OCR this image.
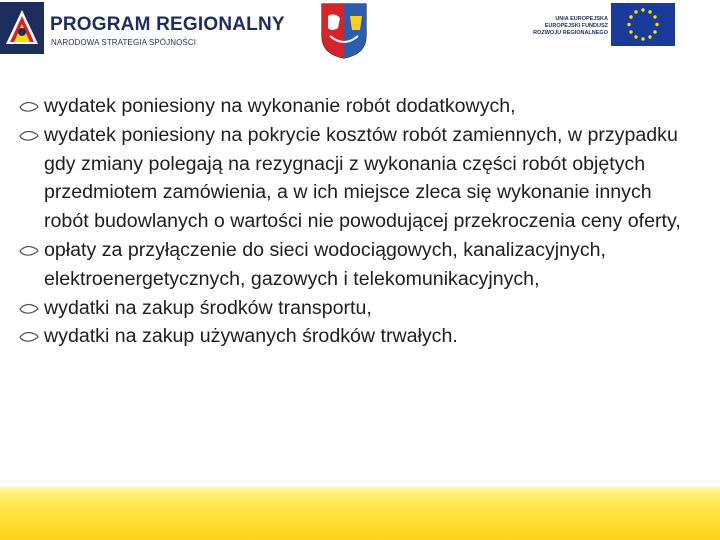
PROGRAM REGIONALNY
NARODOWA STRATEGIA SPÓJNOŚCI
UNIA EUROPEJSKA
EUROPEJSKI FUNDUSZ
ROZWOJU REGIONALNEGO
wydatek poniesiony na wykonanie robót dodatkowych,
wydatek poniesiony na pokrycie kosztów robót zamiennych, w przypadku gdy zmiany polegają na rezygnacji z wykonania części robót objętych przedmiotem zamówienia, a w ich miejsce zleca się wykonanie innych robót budowlanych o wartości nie powodującej przekroczenia ceny oferty,
opłaty za przyłączenie do sieci wodociągowych, kanalizacyjnych, elektroenergetycznych, gazowych i telekomunikacyjnych,
wydatki na zakup środków transportu,
wydatki na zakup używanych środków trwałych.
